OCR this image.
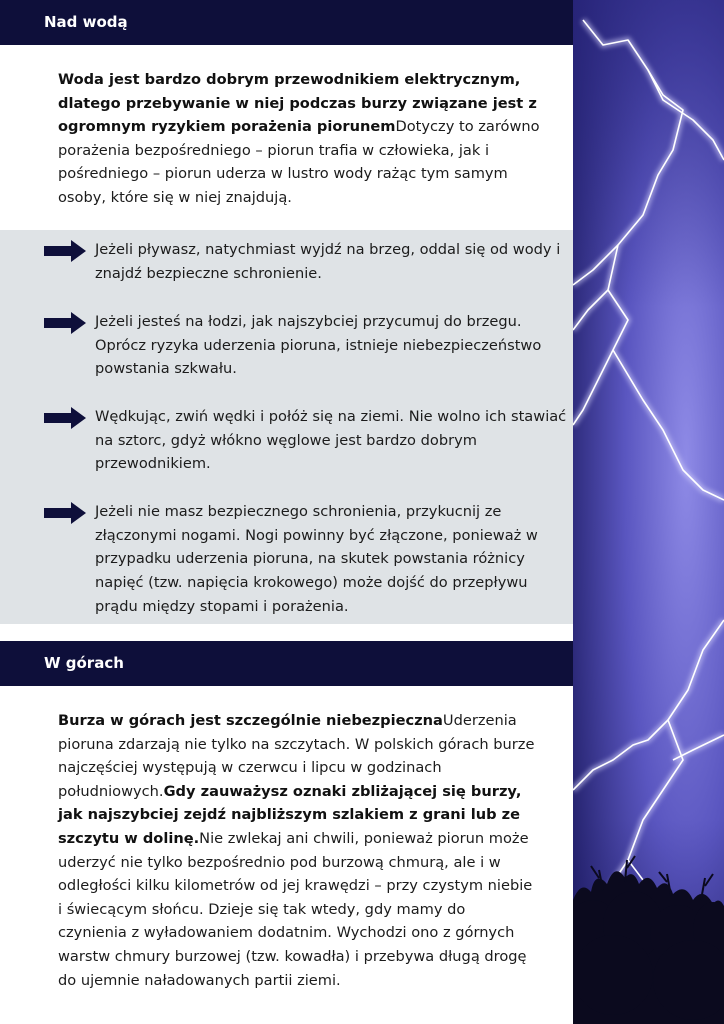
Nad wodą
Woda jest bardzo dobrym przewodnikiem elektrycznym, dlatego przebywanie w niej podczas burzy związane jest z ogromnym ryzykiem porażenia piorunemDotyczy to zarówno porażenia bezpośredniego – piorun trafia w człowieka, jak i pośredniego – piorun uderza w lustro wody rażąc tym samym osoby, które się w niej znajdują.
Jeżeli pływasz, natychmiast wyjdź na brzeg, oddal się od wody i znajdź bezpieczne schronienie.
Jeżeli jesteś na łodzi, jak najszybciej przycumuj do brzegu. Oprócz ryzyka uderzenia pioruna, istnieje niebezpieczeństwo powstania szkwału.
Wędkując, zwiń wędki i połóż się na ziemi. Nie wolno ich stawiać na sztorc, gdyż włókno węglowe jest bardzo dobrym przewodnikiem.
Jeżeli nie masz bezpiecznego schronienia, przykucnij ze złączonymi nogami. Nogi powinny być złączone, ponieważ w przypadku uderzenia pioruna, na skutek powstania różnicy napięć (tzw. napięcia krokowego) może dojść do przepływu prądu między stopami i porażenia.
W górach
Burza w górach jest szczególnie niebezpiecznaUderzenia pioruna zdarzają nie tylko na szczytach. W polskich górach burze najczęściej występują w czerwcu i lipcu w godzinach południowych.Gdy zauważysz oznaki zbliżającej się burzy, jak najszybciej zejdź najbliższym szlakiem z grani lub ze szczytu w dolinę.Nie zwlekaj ani chwili, ponieważ piorun może uderzyć nie tylko bezpośrednio pod burzową chmurą, ale i w odległości kilku kilometrów od jej krawędzi – przy czystym niebie i świecącym słońcu. Dzieje się tak wtedy, gdy mamy do czynienia z wyładowaniem dodatnim. Wychodzi ono z górnych warstw chmury burzowej (tzw. kowadła) i przebywa długą drogę do ujemnie naładowanych partii ziemi.
